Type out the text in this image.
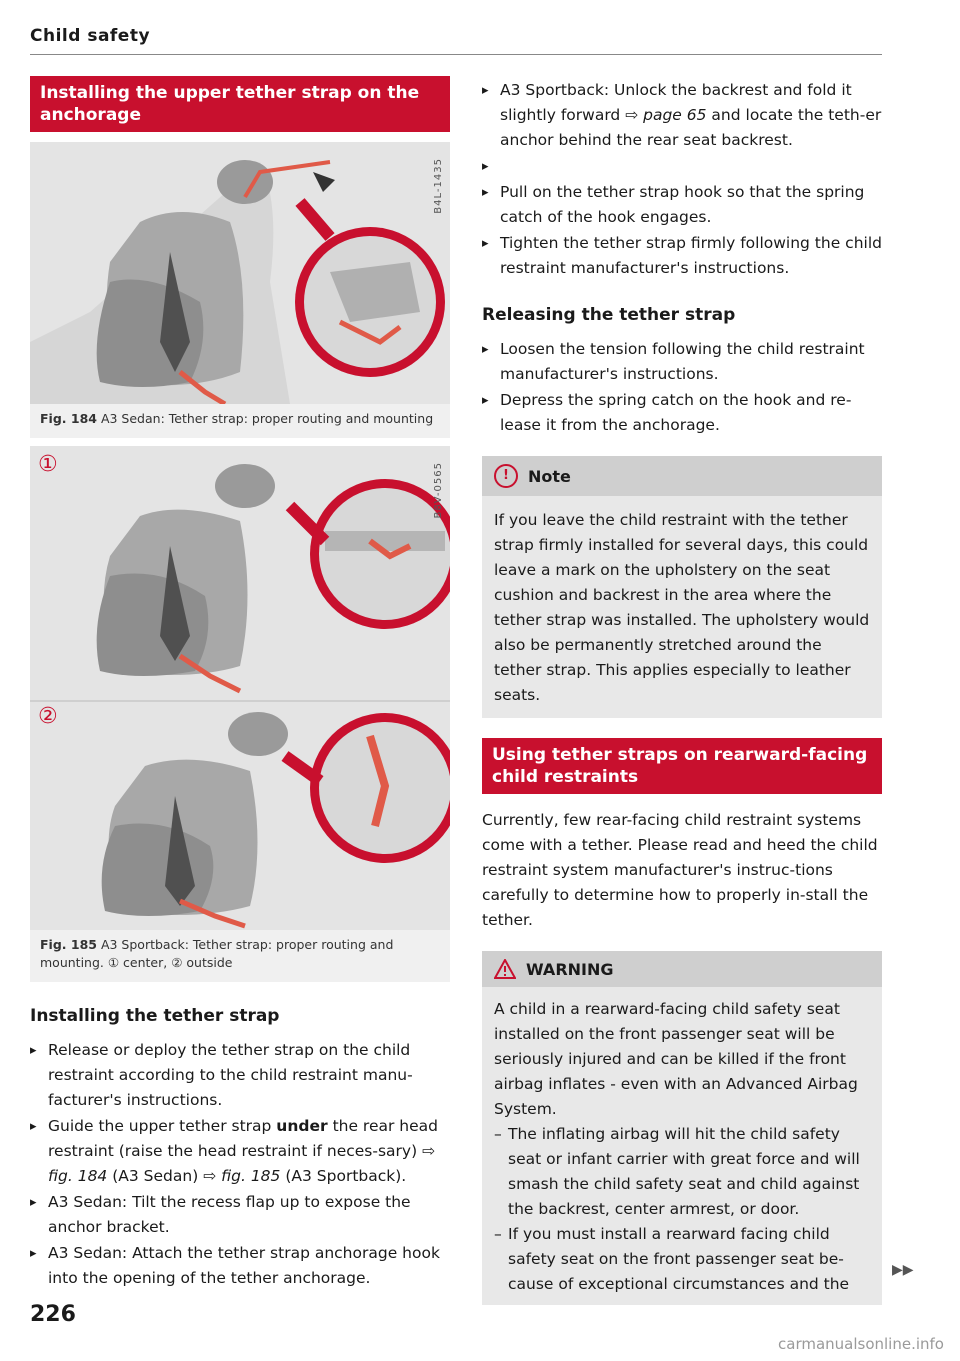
Child safety
Installing the upper tether strap on the anchorage
B4L-1435
Fig. 184 A3 Sedan: Tether strap: proper routing and mounting
①
②
B8V-0565
Fig. 185 A3 Sportback: Tether strap: proper routing and mounting. ① center, ② outside
Installing the tether strap
▸ Release or deploy the tether strap on the child restraint according to the child restraint manu-facturer's instructions.
▸ Guide the upper tether strap under the rear head restraint (raise the head restraint if neces-sary) ⇨ fig. 184 (A3 Sedan) ⇨ fig. 185 (A3 Sportback).
▸ A3 Sedan: Tilt the recess flap up to expose the anchor bracket.
▸ A3 Sedan: Attach the tether strap anchorage hook into the opening of the tether anchorage.
▸ A3 Sportback: Unlock the backrest and fold it slightly forward ⇨ page 65 and locate the teth-er anchor behind the rear seat backrest.
▸
▸ Pull on the tether strap hook so that the spring catch of the hook engages.
▸ Tighten the tether strap firmly following the child restraint manufacturer's instructions.
Releasing the tether strap
▸ Loosen the tension following the child restraint manufacturer's instructions.
▸ Depress the spring catch on the hook and re-lease it from the anchorage.
!	Note
If you leave the child restraint with the tether strap firmly installed for several days, this could leave a mark on the upholstery on the seat cushion and backrest in the area where the tether strap was installed. The upholstery would also be permanently stretched around the tether strap. This applies especially to leather seats.
Using tether straps on rearward-facing child restraints
Currently, few rear-facing child restraint systems come with a tether. Please read and heed the child restraint system manufacturer's instruc-tions carefully to determine how to properly in-stall the tether.
WARNING
A child in a rearward-facing child safety seat installed on the front passenger seat will be seriously injured and can be killed if the front airbag inflates - even with an Advanced Airbag System.
– The inflating airbag will hit the child safety seat or infant carrier with great force and will smash the child safety seat and child against the backrest, center armrest, or door.
– If you must install a rearward facing child safety seat on the front passenger seat be-cause of exceptional circumstances and the
▶▶
226
carmanualsonline.info
